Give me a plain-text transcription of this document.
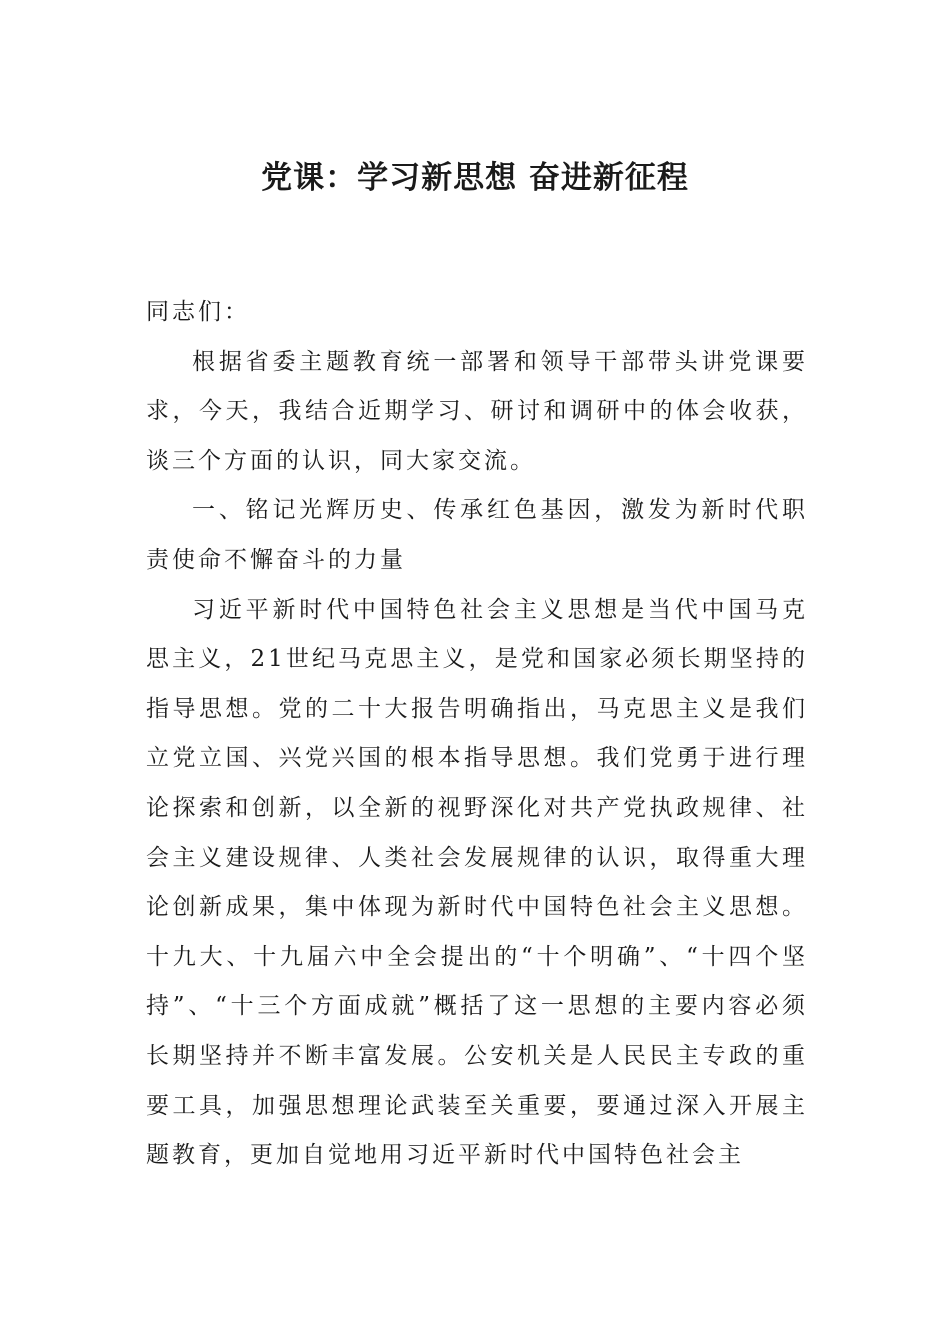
党课：学习新思想 奋进新征程

同志们：

根据省委主题教育统一部署和领导干部带头讲党课要求，今天，我结合近期学习、研讨和调研中的体会收获，谈三个方面的认识，同大家交流。

一、铭记光辉历史、传承红色基因，激发为新时代职责使命不懈奋斗的力量

习近平新时代中国特色社会主义思想是当代中国马克思主义，21世纪马克思主义，是党和国家必须长期坚持的指导思想。党的二十大报告明确指出，马克思主义是我们立党立国、兴党兴国的根本指导思想。我们党勇于进行理论探索和创新，以全新的视野深化对共产党执政规律、社会主义建设规律、人类社会发展规律的认识，取得重大理论创新成果，集中体现为新时代中国特色社会主义思想。十九大、十九届六中全会提出的“十个明确”、“十四个坚持”、“十三个方面成就”概括了这一思想的主要内容必须长期坚持并不断丰富发展。公安机关是人民民主专政的重要工具，加强思想理论武装至关重要，要通过深入开展主题教育，更加自觉地用习近平新时代中国特色社会主
